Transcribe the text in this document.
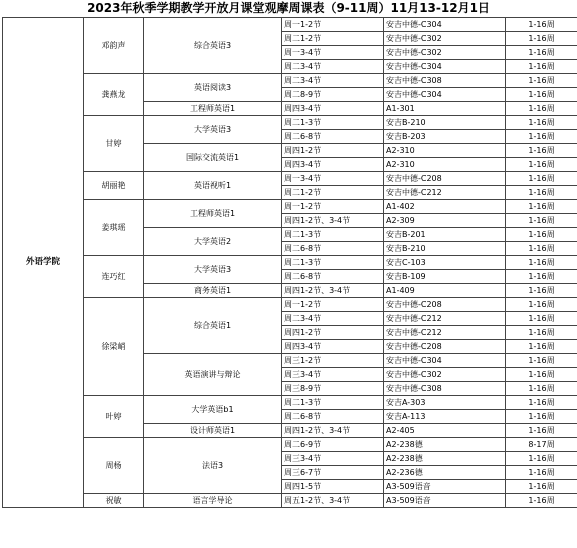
2023年秋季学期教学开放月课堂观摩周课表（9-11周）11月13-12月1日
外语学院	邓韵声	综合英语3	周一1-2节	安吉中德-C304	1-16周
			周二1-2节	安吉中德-C302	1-16周
			周一3-4节	安吉中德-C302	1-16周
			周二3-4节	安吉中德-C304	1-16周
	龚燕龙	英语阅读3	周二3-4节	安吉中德-C308	1-16周
			周二8-9节	安吉中德-C304	1-16周
		工程师英语1	周四3-4节	A1-301	1-16周
	甘婷	大学英语3	周二1-3节	安吉B-210	1-16周
			周二6-8节	安吉B-203	1-16周
		国际交流英语1	周四1-2节	A2-310	1-16周
			周四3-4节	A2-310	1-16周
	胡丽艳	英语视听1	周一3-4节	安吉中德-C208	1-16周
			周二1-2节	安吉中德-C212	1-16周
	姜琪瑶	工程师英语1	周一1-2节	A1-402	1-16周
			周四1-2节、3-4节	A2-309	1-16周
		大学英语2	周二1-3节	安吉B-201	1-16周
			周二6-8节	安吉B-210	1-16周
	连巧红	大学英语3	周二1-3节	安吉C-103	1-16周
			周二6-8节	安吉B-109	1-16周
		商务英语1	周四1-2节、3-4节	A1-409	1-16周
	徐梁峭	综合英语1	周一1-2节	安吉中德-C208	1-16周
			周二3-4节	安吉中德-C212	1-16周
			周四1-2节	安吉中德-C212	1-16周
			周四3-4节	安吉中德-C208	1-16周
		英语演讲与辩论	周三1-2节	安吉中德-C304	1-16周
			周三3-4节	安吉中德-C302	1-16周
			周三8-9节	安吉中德-C308	1-16周
	叶婷	大学英语b1	周二1-3节	安吉A-303	1-16周
			周二6-8节	安吉A-113	1-16周
		设计师英语1	周四1-2节、3-4节	A2-405	1-16周
	周杨	法语3	周二6-9节	A2-238德	8-17周
			周三3-4节	A2-238德	1-16周
			周三6-7节	A2-236德	1-16周
			周四1-5节	A3-509语音	1-16周
	祝敏	语言学导论	周五1-2节、3-4节	A3-509语音	1-16周
